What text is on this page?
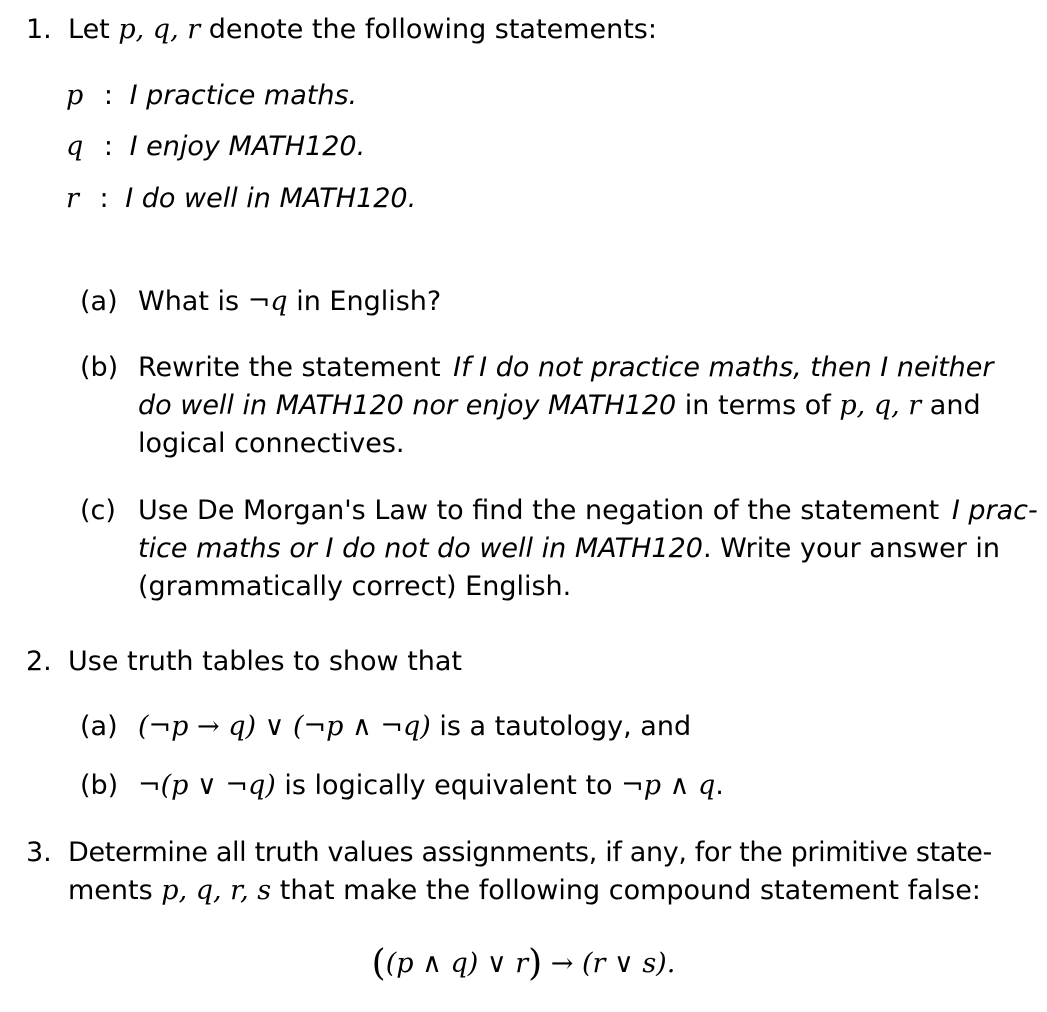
1. Let p, q, r denote the following statements:
p : I practice maths.
q : I enjoy MATH120.
r : I do well in MATH120.
(a) What is ¬q in English?
(b) Rewrite the statement If I do not practice maths, then I neither
do well in MATH120 nor enjoy MATH120 in terms of p, q, r and
logical connectives.
(c) Use De Morgan's Law to find the negation of the statement I prac-
tice maths or I do not do well in MATH120. Write your answer in
(grammatically correct) English.
2. Use truth tables to show that
(a) (¬p → q) ∨ (¬p ∧ ¬q) is a tautology, and
(b) ¬(p ∨ ¬q) is logically equivalent to ¬p ∧ q.
3. Determine all truth values assignments, if any, for the primitive state-
ments p, q, r, s that make the following compound statement false:
((p ∧ q) ∨ r) → (r ∨ s).
